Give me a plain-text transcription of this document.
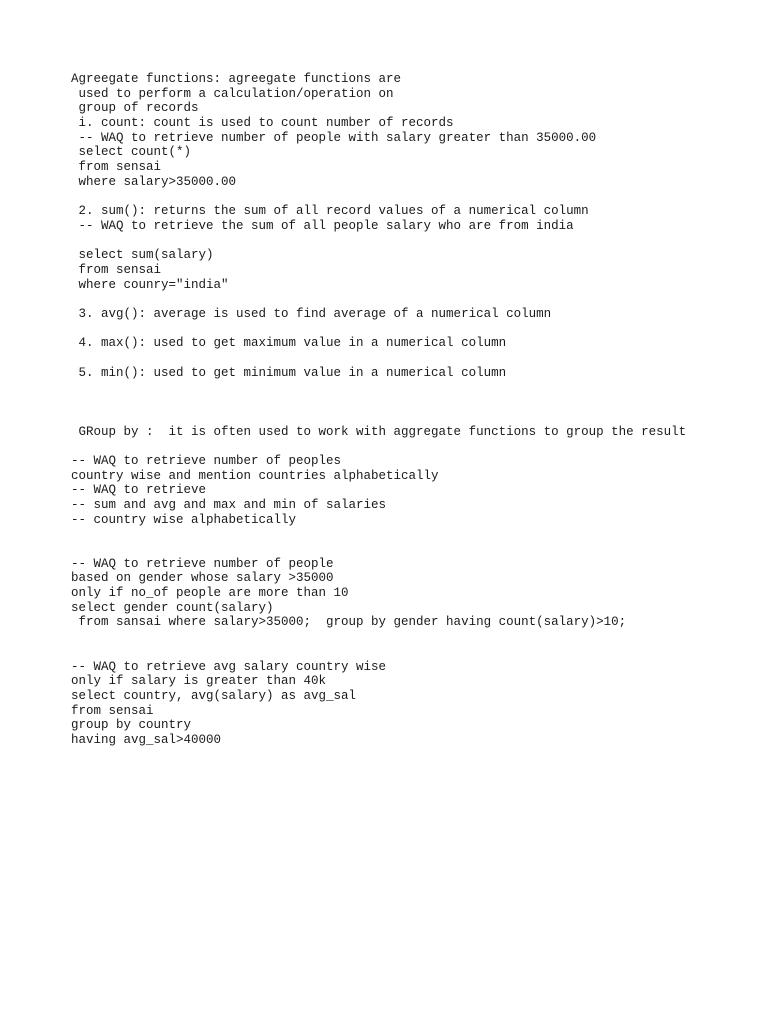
Agreegate functions: agreegate functions are
used to perform a calculation/operation on
group of records
i. count: count is used to count number of records
-- WAQ to retrieve number of people with salary greater than 35000.00
select count(*)
from sensai
where salary>35000.00
2. sum(): returns the sum of all record values of a numerical column
-- WAQ to retrieve the sum of all people salary who are from india
select sum(salary)
from sensai
where counry="india"
3. avg(): average is used to find average of a numerical column
4. max(): used to get maximum value in a numerical column
5. min(): used to get minimum value in a numerical column
GRoup by :  it is often used to work with aggregate functions to group the result
-- WAQ to retrieve number of peoples
country wise and mention countries alphabetically
-- WAQ to retrieve
-- sum and avg and max and min of salaries
-- country wise alphabetically
-- WAQ to retrieve number of people
based on gender whose salary >35000
only if no_of people are more than 10
select gender count(salary)
from sansai where salary>35000;  group by gender having count(salary)>10;
-- WAQ to retrieve avg salary country wise
only if salary is greater than 40k
select country, avg(salary) as avg_sal
from sensai
group by country
having avg_sal>40000
